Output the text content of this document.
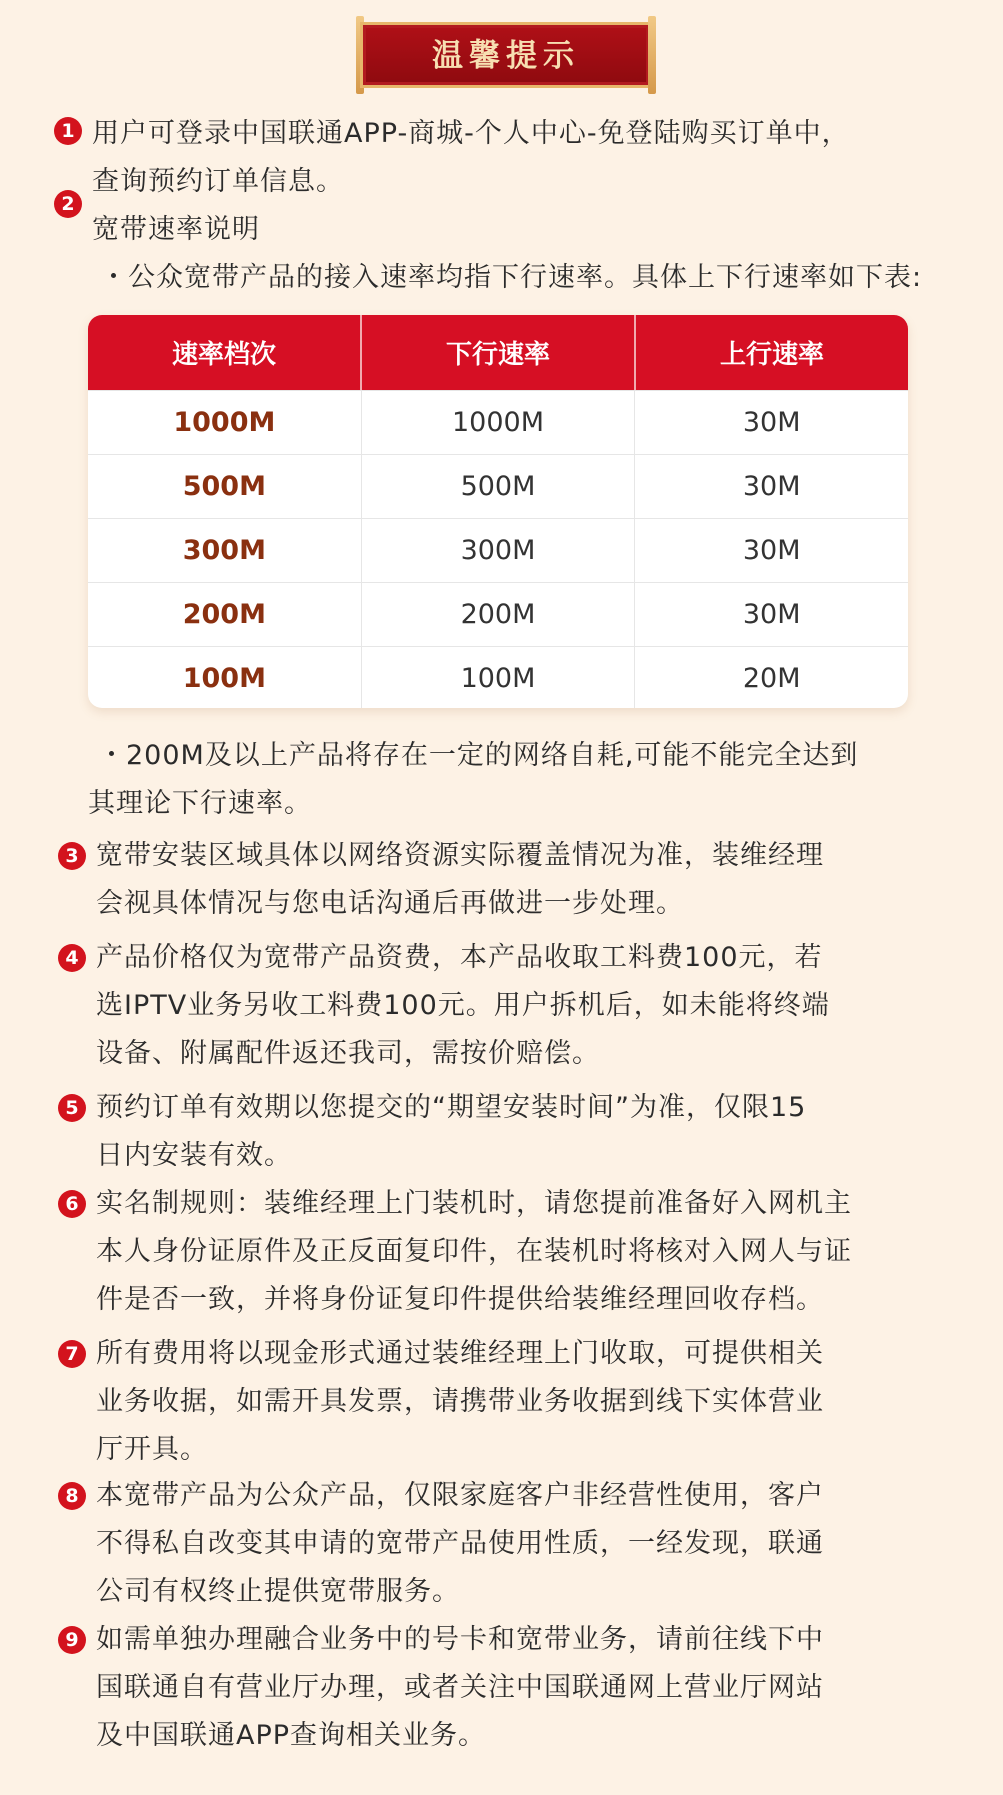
温馨提示
1 用户可登录中国联通APP-商城-个人中心-免登陆购买订单中，
查询预约订单信息。
2
宽带速率说明
・公众宽带产品的接入速率均指下行速率。具体上下行速率如下表:
速率档次	下行速率	上行速率
1000M	1000M	30M
500M	500M	30M
300M	300M	30M
200M	200M	30M
100M	100M	20M
・200M及以上产品将存在一定的网络自耗,可能不能完全达到
其理论下行速率。
3 宽带安装区域具体以网络资源实际覆盖情况为准，装维经理
会视具体情况与您电话沟通后再做进一步处理。
4 产品价格仅为宽带产品资费，本产品收取工料费100元，若
选IPTV业务另收工料费100元。用户拆机后，如未能将终端
设备、附属配件返还我司，需按价赔偿。
5 预约订单有效期以您提交的“期望安装时间”为准，仅限15
日内安装有效。
6 实名制规则：装维经理上门装机时，请您提前准备好入网机主
本人身份证原件及正反面复印件，在装机时将核对入网人与证
件是否一致，并将身份证复印件提供给装维经理回收存档。
7 所有费用将以现金形式通过装维经理上门收取，可提供相关
业务收据，如需开具发票，请携带业务收据到线下实体营业
厅开具。
8 本宽带产品为公众产品，仅限家庭客户非经营性使用，客户
不得私自改变其申请的宽带产品使用性质，一经发现，联通
公司有权终止提供宽带服务。
9 如需单独办理融合业务中的号卡和宽带业务，请前往线下中
国联通自有营业厅办理，或者关注中国联通网上营业厅网站
及中国联通APP查询相关业务。
